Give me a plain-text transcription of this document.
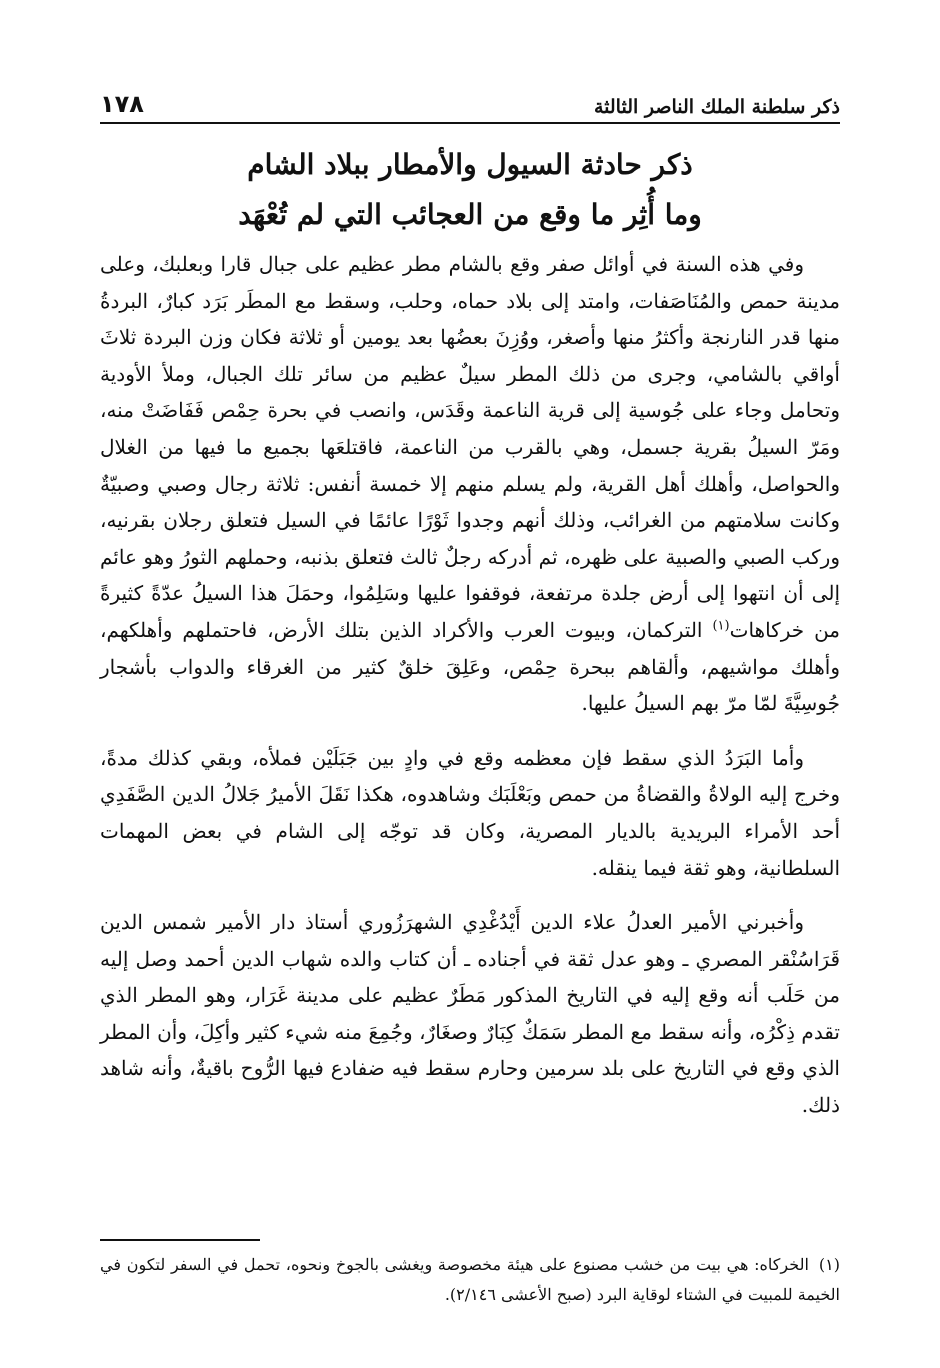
ذكر سلطنة الملك الناصر الثالثة
١٧٨
ذكر حادثة السيول والأمطار ببلاد الشام
وما أُثِر ما وقع من العجائب التي لم تُعْهَد

وفي هذه السنة في أوائل صفر وقع بالشام مطر عظيم على جبال قارا وبعلبك، وعلى مدينة حمص والمُنَاصَفات، وامتد إلى بلاد حماه، وحلب، وسقط مع المطَر بَرَد كبارٌ، البردةُ منها قدر النارنجة وأكثرُ منها وأصغر، ووُزِنَ بعضُها بعد يومين أو ثلاثة فكان وزن البردة ثلاثَ أواقي بالشامي، وجرى من ذلك المطر سيلٌ عظيم من سائر تلك الجبال، وملأ الأودية وتحامل وجاء على جُوسية إلى قرية الناعمة وقَدَس، وانصب في بحرة حِمْص فَفَاضَتْ منه، ومَرّ السيلُ بقرية جسمل، وهي بالقرب من الناعمة، فاقتلعَها بجميع ما فيها من الغلال والحواصل، وأهلك أهل القرية، ولم يسلم منهم إلا خمسة أنفس: ثلاثة رجال وصبي وصبيّةٌ وكانت سلامتهم من الغرائب، وذلك أنهم وجدوا ثَوْرًا عائمًا في السيل فتعلق رجلان بقرنيه، وركب الصبي والصبية على ظهره، ثم أدركه رجلٌ ثالث فتعلق بذنبه، وحملهم الثورُ وهو عائم إلى أن انتهوا إلى أرض جلدة مرتفعة، فوقفوا عليها وسَلِمُوا، وحمَلَ هذا السيلُ عدّةً كثيرةً من خركاهات$^{(١)}$ التركمان، وبيوت العرب والأكراد الذين بتلك الأرض، فاحتملهم وأهلكهم، وأهلك مواشيهم، وألقاهم ببحرة حِمْص، وعَلِقَ خلقٌ كثير من الغرقاء والدواب بأشجار جُوسِيَّةَ لمّا مرّ بهم السيلُ عليها.

وأما البَرَدُ الذي سقط فإن معظمه وقع في وادٍ بين جَبَلَيْن فملأه، وبقي كذلك مدةً، وخرج إليه الولاةُ والقضاةُ من حمص وبَعْلَبَك وشاهدوه، هكذا نَقَلَ الأميرُ جَلالُ الدين الصَّفَدِي أحد الأمراء البريدية بالديار المصرية، وكان قد توجّه إلى الشام في بعض المهمات السلطانية، وهو ثقة فيما ينقله.

وأخبرني الأمير العدلُ علاء الدين أَيْدُغْدِي الشهرَزُوري أستاذ دار الأمير شمس الدين قَرَاسُنْقر المصري ـ وهو عدل ثقة في أجناده ـ أن كتاب والده شهاب الدين أحمد وصل إليه من حَلَب أنه وقع إليه في التاريخ المذكور مَطَرٌ عظيم على مدينة غَرَار، وهو المطر الذي تقدم ذِكْرُه، وأنه سقط مع المطر سَمَكٌ كِبَارٌ وصغَارٌ، وجُمِعَ منه شيء كثير وأكِلَ، وأن المطر الذي وقع في التاريخ على بلد سرمين وحارم سقط فيه ضفادع فيها الرُّوح باقيةٌ، وأنه شاهد ذلك.

(١)الخركاه: هي بيت من خشب مصنوع على هيئة مخصوصة ويغشى بالجوخ ونحوه، تحمل في السفر لتكون في الخيمة للمبيت في الشتاء لوقاية البرد (صبح الأعشى ٢/١٤٦).
